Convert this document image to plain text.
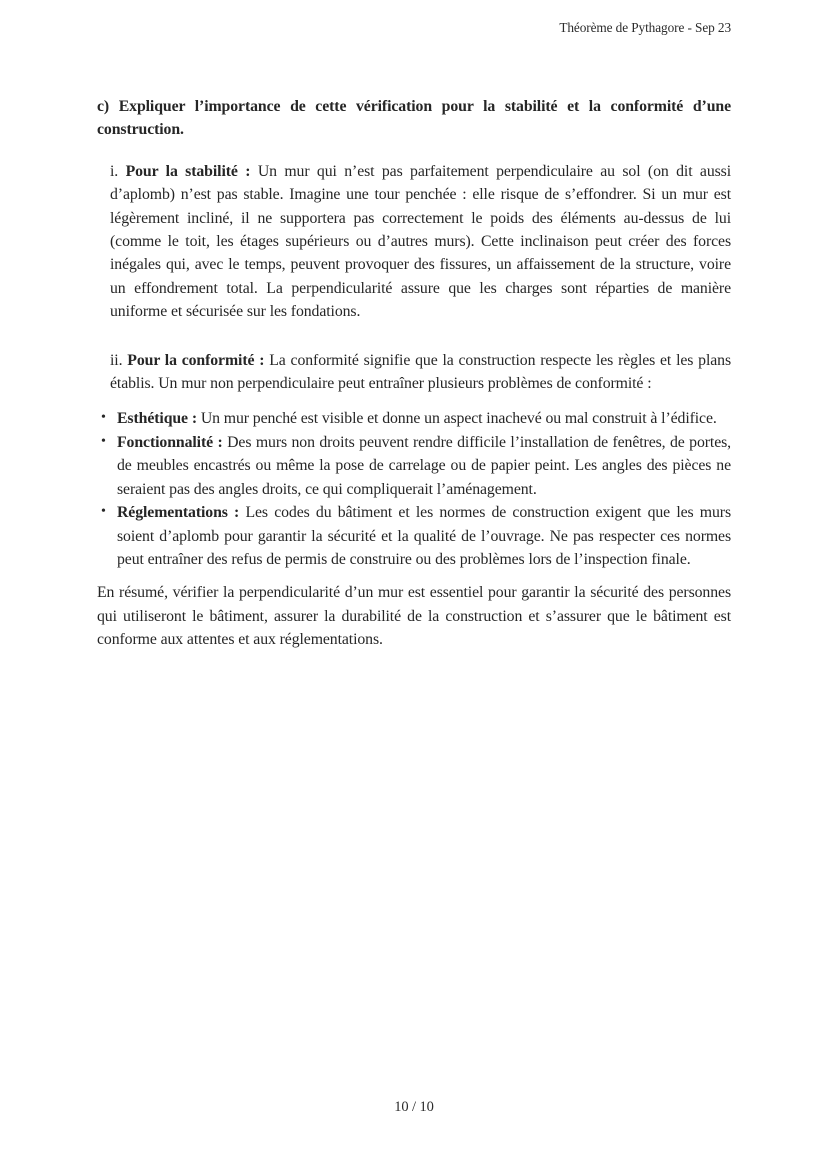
Théorème de Pythagore - Sep 23

c) Expliquer l’importance de cette vérification pour la stabilité et la conformité d’une construction.

i. Pour la stabilité : Un mur qui n’est pas parfaitement perpendiculaire au sol (on dit aussi d’aplomb) n’est pas stable. Imagine une tour penchée : elle risque de s’effondrer. Si un mur est légèrement incliné, il ne supportera pas correctement le poids des éléments au-dessus de lui (comme le toit, les étages supérieurs ou d’autres murs). Cette inclinaison peut créer des forces inégales qui, avec le temps, peuvent provoquer des fissures, un affaissement de la structure, voire un effondrement total. La perpendicularité assure que les charges sont réparties de manière uniforme et sécurisée sur les fondations.

ii. Pour la conformité : La conformité signifie que la construction respecte les règles et les plans établis. Un mur non perpendiculaire peut entraîner plusieurs problèmes de conformité :

• Esthétique : Un mur penché est visible et donne un aspect inachevé ou mal construit à l’édifice.
• Fonctionnalité : Des murs non droits peuvent rendre difficile l’installation de fenêtres, de portes, de meubles encastrés ou même la pose de carrelage ou de papier peint. Les angles des pièces ne seraient pas des angles droits, ce qui compliquerait l’aménagement.
• Réglementations : Les codes du bâtiment et les normes de construction exigent que les murs soient d’aplomb pour garantir la sécurité et la qualité de l’ouvrage. Ne pas respecter ces normes peut entraîner des refus de permis de construire ou des problèmes lors de l’inspection finale.

En résumé, vérifier la perpendicularité d’un mur est essentiel pour garantir la sécurité des personnes qui utiliseront le bâtiment, assurer la durabilité de la construction et s’assurer que le bâtiment est conforme aux attentes et aux réglementations.

10 / 10
